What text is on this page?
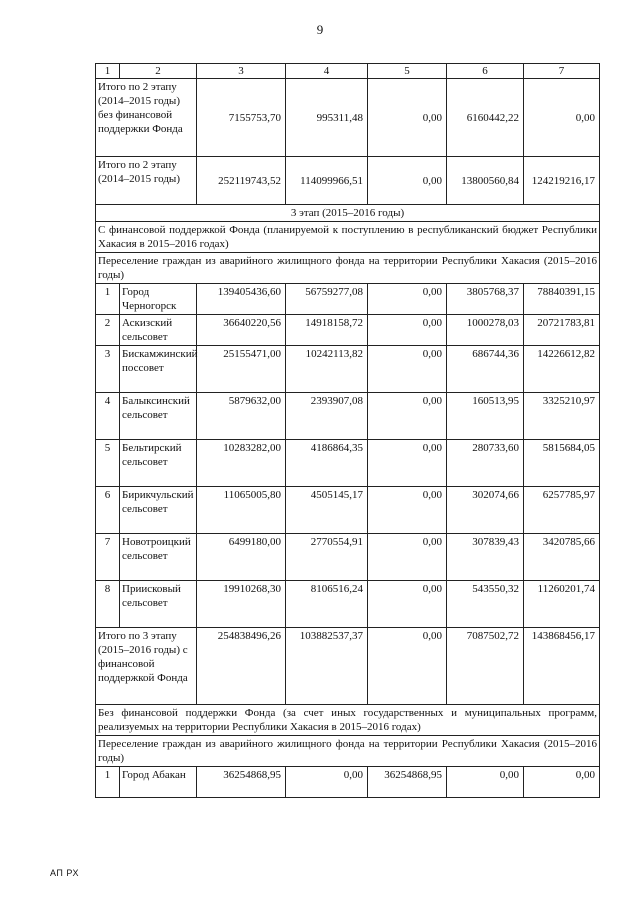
9
1	2	3	4	5	6	7
Итого по 2 этапу (2014–2015 годы) без финансовой поддержки Фонда		7155753,70	995311,48	0,00	6160442,22	0,00
Итого по 2 этапу (2014–2015 годы)		252119743,52	114099966,51	0,00	13800560,84	124219216,17
3 этап (2015–2016 годы)						
С финансовой поддержкой Фонда (планируемой к поступлению в республиканский бюджет Республики Хакасия в 2015–2016 годах)						
Переселение граждан из аварийного жилищного фонда на территории Республики Хакасия (2015–2016 годы)						
1	Город Черногорск	139405436,60	56759277,08	0,00	3805768,37	78840391,15
2	Аскизский сельсовет	36640220,56	14918158,72	0,00	1000278,03	20721783,81
3	Бискамжинский поссовет	25155471,00	10242113,82	0,00	686744,36	14226612,82
4	Балыксинский сельсовет	5879632,00	2393907,08	0,00	160513,95	3325210,97
5	Бельтирский сельсовет	10283282,00	4186864,35	0,00	280733,60	5815684,05
6	Бирикчульский сельсовет	11065005,80	4505145,17	0,00	302074,66	6257785,97
7	Новотроицкий сельсовет	6499180,00	2770554,91	0,00	307839,43	3420785,66
8	Приисковый сельсовет	19910268,30	8106516,24	0,00	543550,32	11260201,74
Итого по 3 этапу (2015–2016 годы) с финансовой поддержкой Фонда		254838496,26	103882537,37	0,00	7087502,72	143868456,17
Без финансовой поддержки Фонда (за счет иных государственных и муниципальных программ, реализуемых на территории Республики Хакасия в 2015–2016 годах)						
Переселение граждан из аварийного жилищного фонда на территории Республики Хакасия (2015–2016 годы)						
1	Город Абакан	36254868,95	0,00	36254868,95	0,00	0,00
АП РХ
